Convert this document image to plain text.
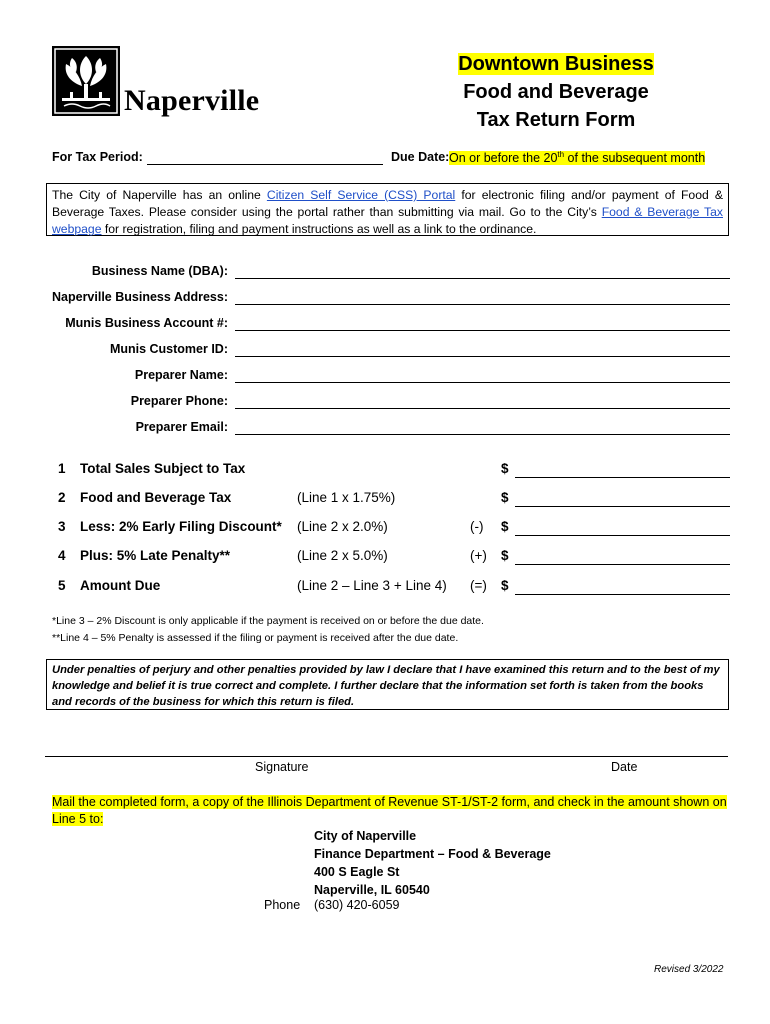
Naperville
Downtown Business
Food and Beverage
Tax Return Form
For Tax Period:	Due Date: On or before the 20th of the subsequent month
The City of Naperville has an online Citizen Self Service (CSS) Portal for electronic filing and/or payment of Food & Beverage Taxes. Please consider using the portal rather than submitting via mail. Go to the City’s Food & Beverage Tax webpage for registration, filing and payment instructions as well as a link to the ordinance.
Business Name (DBA):
Naperville Business Address:
Munis Business Account #:
Munis Customer ID:
Preparer Name:
Preparer Phone:
Preparer Email:
1 Total Sales Subject to Tax	$
2 Food and Beverage Tax	(Line 1 x 1.75%)	$
3 Less: 2% Early Filing Discount* (Line 2 x 2.0%)	(-) $
4 Plus: 5% Late Penalty**	(Line 2 x 5.0%)	(+) $
5 Amount Due	(Line 2 – Line 3 + Line 4) (=) $
*Line 3 – 2% Discount is only applicable if the payment is received on or before the due date.
**Line 4 – 5% Penalty is assessed if the filing or payment is received after the due date.
Under penalties of perjury and other penalties provided by law I declare that I have examined this return and to the best of my knowledge and belief it is true correct and complete. I further declare that the information set forth is taken from the books and records of the business for which this return is filed.
Signature	Date
Mail the completed form, a copy of the Illinois Department of Revenue ST-1/ST-2 form, and check in the amount shown on Line 5 to:
City of Naperville
Finance Department – Food & Beverage
400 S Eagle St
Naperville, IL 60540
Phone (630) 420-6059
Revised 3/2022
